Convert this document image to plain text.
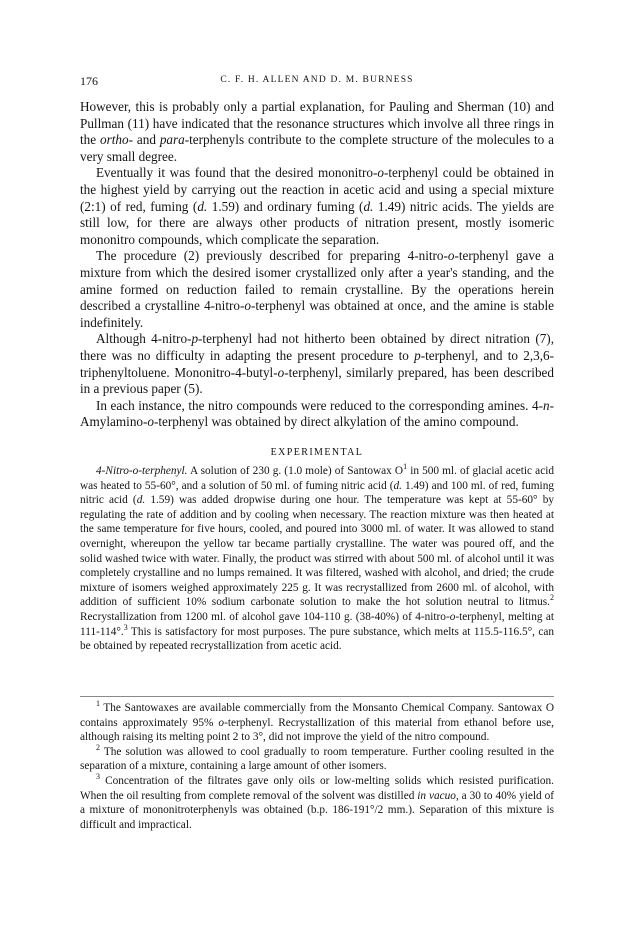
176	C. F. H. ALLEN AND D. M. BURNESS

However, this is probably only a partial explanation, for Pauling and Sherman (10) and Pullman (11) have indicated that the resonance structures which involve all three rings in the ortho- and para-terphenyls contribute to the complete structure of the molecules to a very small degree.

Eventually it was found that the desired mononitro-o-terphenyl could be obtained in the highest yield by carrying out the reaction in acetic acid and using a special mixture (2:1) of red, fuming (d. 1.59) and ordinary fuming (d. 1.49) nitric acids. The yields are still low, for there are always other products of nitration present, mostly isomeric mononitro compounds, which complicate the separation.

The procedure (2) previously described for preparing 4-nitro-o-terphenyl gave a mixture from which the desired isomer crystallized only after a year's standing, and the amine formed on reduction failed to remain crystalline. By the operations herein described a crystalline 4-nitro-o-terphenyl was obtained at once, and the amine is stable indefinitely.

Although 4-nitro-p-terphenyl had not hitherto been obtained by direct nitration (7), there was no difficulty in adapting the present procedure to p-terphenyl, and to 2,3,6-triphenyltoluene. Mononitro-4-butyl-o-terphenyl, similarly prepared, has been described in a previous paper (5).

In each instance, the nitro compounds were reduced to the corresponding amines. 4-n-Amylamino-o-terphenyl was obtained by direct alkylation of the amino compound.

EXPERIMENTAL

4-Nitro-o-terphenyl. A solution of 230 g. (1.0 mole) of Santowax $O^1$ in 500 ml. of glacial acetic acid was heated to 55-60°, and a solution of 50 ml. of fuming nitric acid (d. 1.49) and 100 ml. of red, fuming nitric acid (d. 1.59) was added dropwise during one hour. The temperature was kept at 55-60° by regulating the rate of addition and by cooling when necessary. The reaction mixture was then heated at the same temperature for five hours, cooled, and poured into 3000 ml. of water. It was allowed to stand overnight, whereupon the yellow tar became partially crystalline. The water was poured off, and the solid washed twice with water. Finally, the product was stirred with about 500 ml. of alcohol until it was completely crystalline and no lumps remained. It was filtered, washed with alcohol, and dried; the crude mixture of isomers weighed approximately 225 g. It was recrystallized from 2600 ml. of alcohol, with addition of sufficient 10% sodium carbonate solution to make the hot solution neutral to litmus.$^2$ Recrystallization from 1200 ml. of alcohol gave 104-110 g. (38-40%) of 4-nitro-o-terphenyl, melting at 111-114°.$^3$ This is satisfactory for most purposes. The pure substance, which melts at 115.5-116.5°, can be obtained by repeated recrystallization from acetic acid.

$^1$ The Santowaxes are available commercially from the Monsanto Chemical Company. Santowax O contains approximately 95% o-terphenyl. Recrystallization of this material from ethanol before use, although raising its melting point 2 to 3°, did not improve the yield of the nitro compound.

$^2$ The solution was allowed to cool gradually to room temperature. Further cooling resulted in the separation of a mixture, containing a large amount of other isomers.

$^3$ Concentration of the filtrates gave only oils or low-melting solids which resisted purification. When the oil resulting from complete removal of the solvent was distilled in vacuo, a 30 to 40% yield of a mixture of mononitroterphenyls was obtained (b.p. 186-191°/2 mm.). Separation of this mixture is difficult and impractical.
